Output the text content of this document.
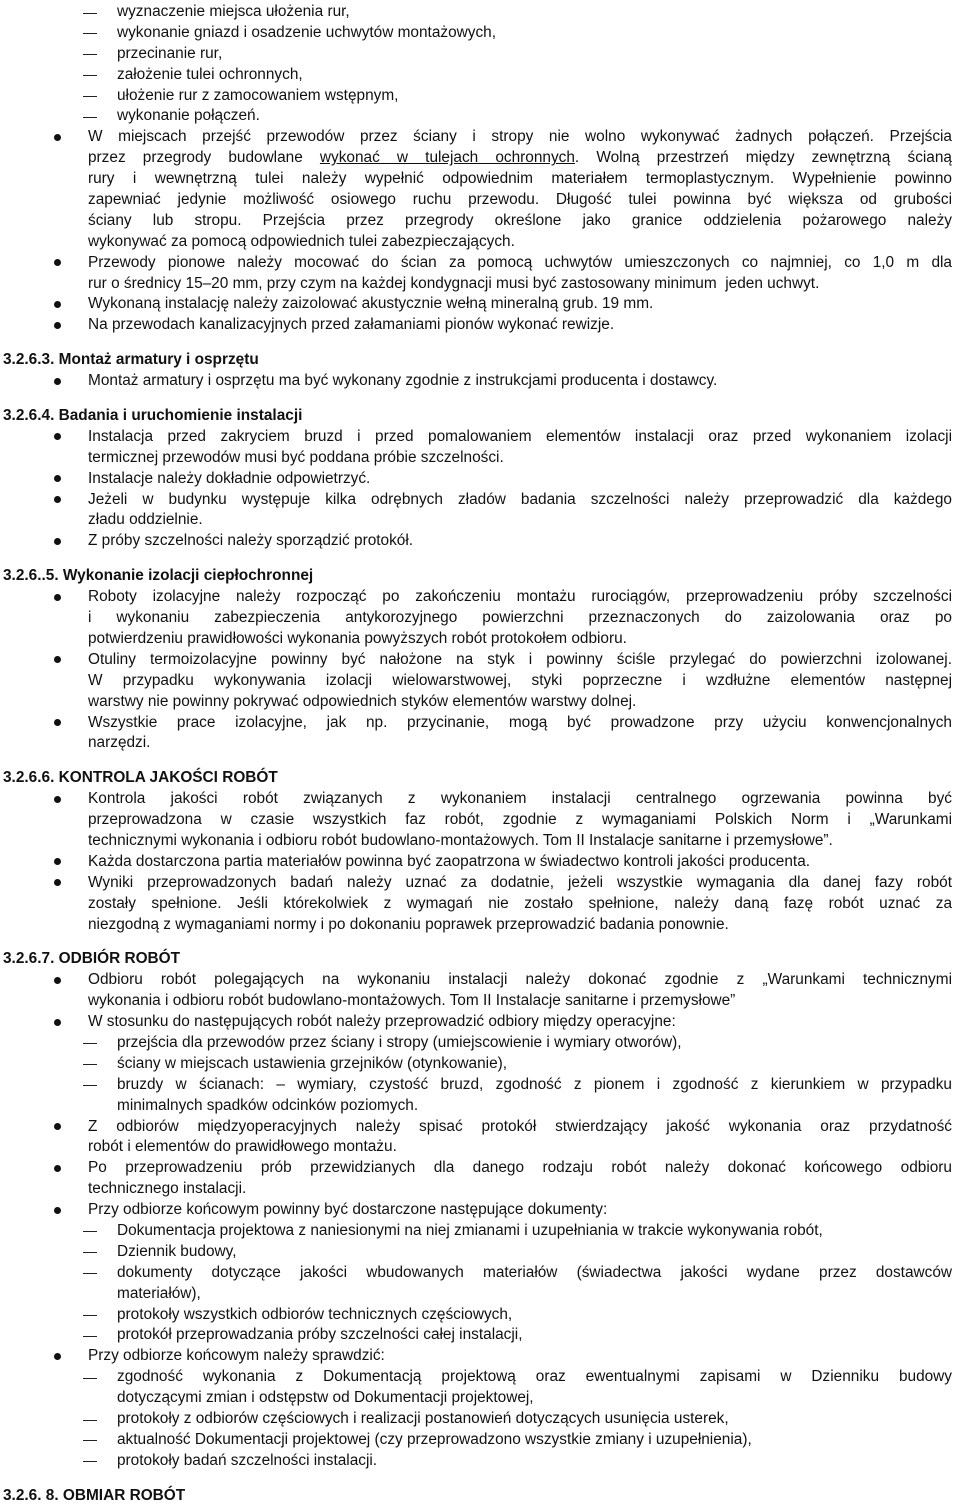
wyznaczenie miejsca ułożenia rur,
wykonanie gniazd i osadzenie uchwytów montażowych,
przecinanie rur,
założenie tulei ochronnych,
ułożenie rur z zamocowaniem wstępnym,
wykonanie połączeń.
W miejscach przejść przewodów przez ściany i stropy nie wolno wykonywać żadnych połączeń. Przejścia
przez przegrody budowlane wykonać w tulejach ochronnych. Wolną przestrzeń między zewnętrzną ścianą
rury i wewnętrzną tulei należy wypełnić odpowiednim materiałem termoplastycznym. Wypełnienie powinno
zapewniać jedynie możliwość osiowego ruchu przewodu. Długość tulei powinna być większa od grubości
ściany lub stropu. Przejścia przez przegrody określone jako granice oddzielenia pożarowego należy
wykonywać za pomocą odpowiednich tulei zabezpieczających.
Przewody pionowe należy mocować do ścian za pomocą uchwytów umieszczonych co najmniej, co 1,0 m dla
rur o średnicy 15–20 mm, przy czym na każdej kondygnacji musi być zastosowany minimum  jeden uchwyt.
Wykonaną instalację należy zaizolować akustycznie wełną mineralną grub. 19 mm.
Na przewodach kanalizacyjnych przed załamaniami pionów wykonać rewizje.
3.2.6.3. Montaż armatury i osprzętu
Montaż armatury i osprzętu ma być wykonany zgodnie z instrukcjami producenta i dostawcy.
3.2.6.4. Badania i uruchomienie instalacji
Instalacja przed zakryciem bruzd i przed pomalowaniem elementów instalacji oraz przed wykonaniem izolacji
termicznej przewodów musi być poddana próbie szczelności.
Instalacje należy dokładnie odpowietrzyć.
Jeżeli w budynku występuje kilka odrębnych zładów badania szczelności należy przeprowadzić dla każdego
zładu oddzielnie.
Z próby szczelności należy sporządzić protokół.
3.2.6..5. Wykonanie izolacji ciepłochronnej
Roboty izolacyjne należy rozpocząć po zakończeniu montażu rurociągów, przeprowadzeniu próby szczelności
i wykonaniu zabezpieczenia antykorozyjnego powierzchni przeznaczonych do zaizolowania oraz po
potwierdzeniu prawidłowości wykonania powyższych robót protokołem odbioru.
Otuliny termoizolacyjne powinny być nałożone na styk i powinny ściśle przylegać do powierzchni izolowanej.
W przypadku wykonywania izolacji wielowarstwowej, styki poprzeczne i wzdłużne elementów następnej
warstwy nie powinny pokrywać odpowiednich styków elementów warstwy dolnej.
Wszystkie prace izolacyjne, jak np. przycinanie, mogą być prowadzone przy użyciu konwencjonalnych
narzędzi.
3.2.6.6. KONTROLA JAKOŚCI ROBÓT
Kontrola jakości robót związanych z wykonaniem instalacji centralnego ogrzewania powinna być
przeprowadzona w czasie wszystkich faz robót, zgodnie z wymaganiami Polskich Norm i „Warunkami
technicznymi wykonania i odbioru robót budowlano-montażowych. Tom II Instalacje sanitarne i przemysłowe”.
Każda dostarczona partia materiałów powinna być zaopatrzona w świadectwo kontroli jakości producenta.
Wyniki przeprowadzonych badań należy uznać za dodatnie, jeżeli wszystkie wymagania dla danej fazy robót
zostały spełnione. Jeśli którekolwiek z wymagań nie zostało spełnione, należy daną fazę robót uznać za
niezgodną z wymaganiami normy i po dokonaniu poprawek przeprowadzić badania ponownie.
3.2.6.7. ODBIÓR ROBÓT
Odbioru robót polegających na wykonaniu instalacji należy dokonać zgodnie z „Warunkami technicznymi
wykonania i odbioru robót budowlano-montażowych. Tom II Instalacje sanitarne i przemysłowe”
W stosunku do następujących robót należy przeprowadzić odbiory między operacyjne:
przejścia dla przewodów przez ściany i stropy (umiejscowienie i wymiary otworów),
ściany w miejscach ustawienia grzejników (otynkowanie),
bruzdy w ścianach: – wymiary, czystość bruzd, zgodność z pionem i zgodność z kierunkiem w przypadku
minimalnych spadków odcinków poziomych.
Z odbiorów międzyoperacyjnych należy spisać protokół stwierdzający jakość wykonania oraz przydatność
robót i elementów do prawidłowego montażu.
Po przeprowadzeniu prób przewidzianych dla danego rodzaju robót należy dokonać końcowego odbioru
technicznego instalacji.
Przy odbiorze końcowym powinny być dostarczone następujące dokumenty:
Dokumentacja projektowa z naniesionymi na niej zmianami i uzupełniania w trakcie wykonywania robót,
Dziennik budowy,
dokumenty dotyczące jakości wbudowanych materiałów (świadectwa jakości wydane przez dostawców
materiałów),
protokoły wszystkich odbiorów technicznych częściowych,
protokół przeprowadzania próby szczelności całej instalacji,
Przy odbiorze końcowym należy sprawdzić:
zgodność wykonania z Dokumentacją projektową oraz ewentualnymi zapisami w Dzienniku budowy
dotyczącymi zmian i odstępstw od Dokumentacji projektowej,
protokoły z odbiorów częściowych i realizacji postanowień dotyczących usunięcia usterek,
aktualność Dokumentacji projektowej (czy przeprowadzono wszystkie zmiany i uzupełnienia),
protokoły badań szczelności instalacji.
3.2.6. 8. OBMIAR ROBÓT
